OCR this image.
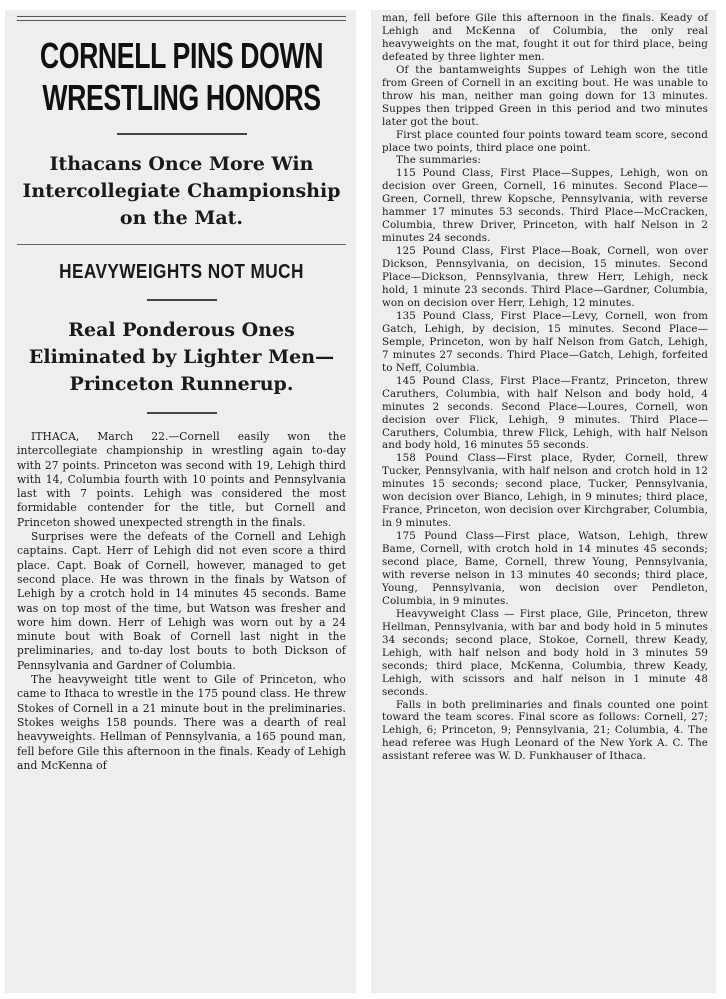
CORNELL PINS DOWN
WRESTLING HONORS
Ithacans Once More Win Intercollegiate Championship on the Mat.
HEAVYWEIGHTS NOT MUCH
Real Ponderous Ones Eliminated by Lighter Men—Princeton Runnerup.

ITHACA, March 22.—Cornell easily won the intercollegiate championship in wrestling again to-day with 27 points. Princeton was second with 19, Lehigh third with 14, Columbia fourth with 10 points and Pennsylvania last with 7 points. Lehigh was considered the most formidable contender for the title, but Cornell and Princeton showed unexpected strength in the finals.

Surprises were the defeats of the Cornell and Lehigh captains. Capt. Herr of Lehigh did not even score a third place. Capt. Boak of Cornell, however, managed to get second place. He was thrown in the finals by Watson of Lehigh by a crotch hold in 14 minutes 45 seconds. Bame was on top most of the time, but Watson was fresher and wore him down. Herr of Lehigh was worn out by a 24 minute bout with Boak of Cornell last night in the preliminaries, and to-day lost bouts to both Dickson of Pennsylvania and Gardner of Columbia.

The heavyweight title went to Gile of Princeton, who came to Ithaca to wrestle in the 175 pound class. He threw Stokes of Cornell in a 21 minute bout in the preliminaries. Stokes weighs 158 pounds. There was a dearth of real heavyweights. Hellman of Pennsylvania, a 165 pound man, fell before Gile this afternoon in the finals. Keady of Lehigh and McKenna of

man, fell before Gile this afternoon in the finals. Keady of Lehigh and McKenna of Columbia, the only real heavyweights on the mat, fought it out for third place, being defeated by three lighter men.

Of the bantamweights Suppes of Lehigh won the title from Green of Cornell in an exciting bout. He was unable to throw his man, neither man going down for 13 minutes. Suppes then tripped Green in this period and two minutes later got the bout.

First place counted four points toward team score, second place two points, third place one point.

The summaries:

115 Pound Class, First Place—Suppes, Lehigh, won on decision over Green, Cornell, 16 minutes. Second Place—Green, Cornell, threw Kopsche, Pennsylvania, with reverse hammer 17 minutes 53 seconds. Third Place—McCracken, Columbia, threw Driver, Princeton, with half Nelson in 2 minutes 24 seconds.

125 Pound Class, First Place—Boak, Cornell, won over Dickson, Pennsylvania, on decision, 15 minutes. Second Place—Dickson, Pennsylvania, threw Herr, Lehigh, neck hold, 1 minute 23 seconds. Third Place—Gardner, Columbia, won on decision over Herr, Lehigh, 12 minutes.

135 Pound Class, First Place—Levy, Cornell, won from Gatch, Lehigh, by decision, 15 minutes. Second Place—Semple, Princeton, won by half Nelson from Gatch, Lehigh, 7 minutes 27 seconds. Third Place—Gatch, Lehigh, forfeited to Neff, Columbia.

145 Pound Class, First Place—Frantz, Princeton, threw Caruthers, Columbia, with half Nelson and body hold, 4 minutes 2 seconds. Second Place—Loures, Cornell, won decision over Flick, Lehigh, 9 minutes. Third Place—Caruthers, Columbia, threw Flick, Lehigh, with half Nelson and body hold, 16 minutes 55 seconds.

158 Pound Class—First place, Ryder, Cornell, threw Tucker, Pennsylvania, with half nelson and crotch hold in 12 minutes 15 seconds; second place, Tucker, Pennsylvania, won decision over Bianco, Lehigh, in 9 minutes; third place, France, Princeton, won decision over Kirchgraber, Columbia, in 9 minutes.

175 Pound Class—First place, Watson, Lehigh, threw Bame, Cornell, with crotch hold in 14 minutes 45 seconds; second place, Bame, Cornell, threw Young, Pennsylvania, with reverse nelson in 13 minutes 40 seconds; third place, Young, Pennsylvania, won decision over Pendleton, Columbia, in 9 minutes.

Heavyweight Class — First place, Gile, Princeton, threw Hellman, Pennsylvania, with bar and body hold in 5 minutes 34 seconds; second place, Stokoe, Cornell, threw Keady, Lehigh, with half nelson and body hold in 3 minutes 59 seconds; third place, McKenna, Columbia, threw Keady, Lehigh, with scissors and half nelson in 1 minute 48 seconds.

Falls in both preliminaries and finals counted one point toward the team scores. Final score as follows: Cornell, 27; Lehigh, 6; Princeton, 9; Pennsylvania, 21; Columbia, 4. The head referee was Hugh Leonard of the New York A. C. The assistant referee was W. D. Funkhauser of Ithaca.
